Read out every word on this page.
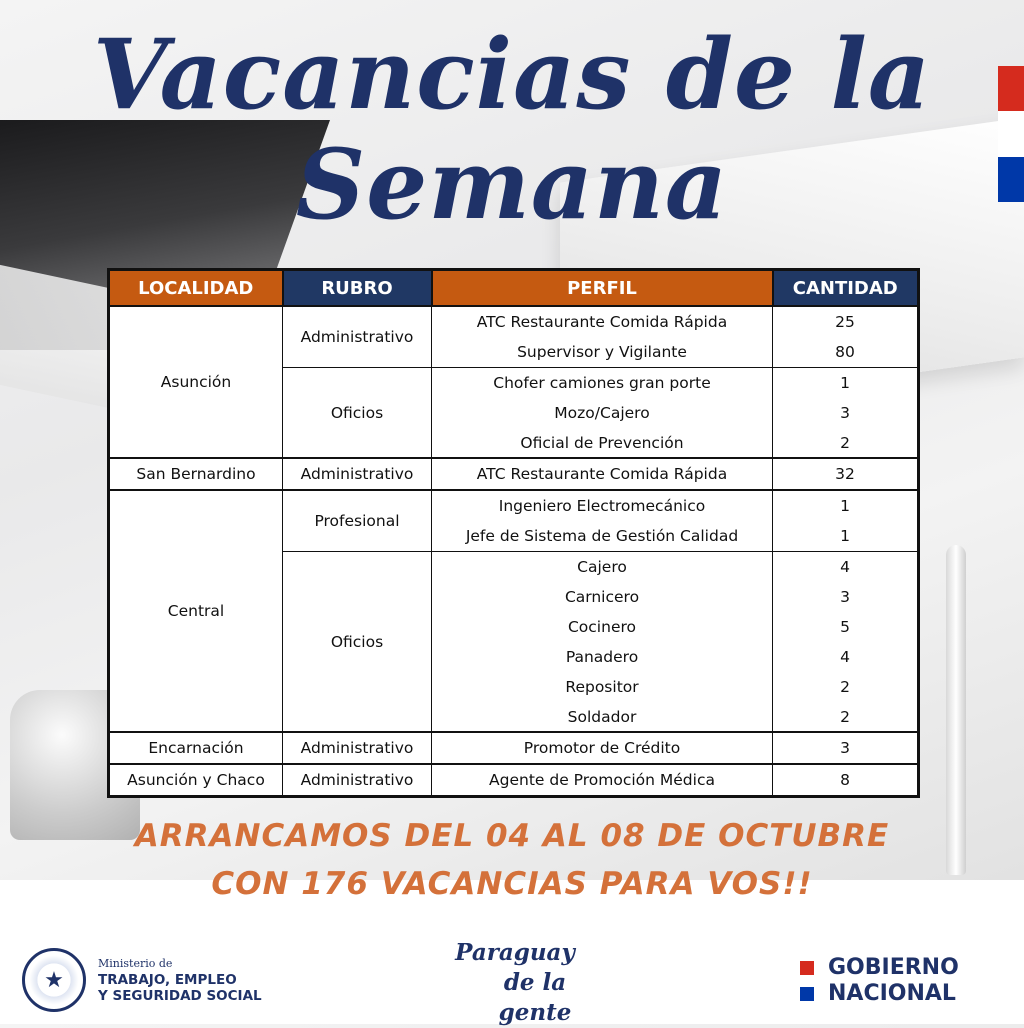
Vacancias de la
Semana
LOCALIDAD	RUBRO	PERFIL	CANTIDAD
Asunción	Administrativo	ATC Restaurante Comida Rápida	25
		Supervisor y Vigilante	80
	Oficios	Chofer camiones gran porte	1
		Mozo/Cajero	3
		Oficial de Prevención	2
San Bernardino	Administrativo	ATC Restaurante Comida Rápida	32
Central	Profesional	Ingeniero Electromecánico	1
		Jefe de Sistema de Gestión Calidad	1
	Oficios	Cajero	4
		Carnicero	3
		Cocinero	5
		Panadero	4
		Repositor	2
		Soldador	2
Encarnación	Administrativo	Promotor de Crédito	3
Asunción y Chaco	Administrativo	Agente de Promoción Médica	8

ARRANCAMOS DEL 04 AL 08 DE OCTUBRE

CON 176 VACANCIAS PARA VOS!!

★
Ministerio de
TRABAJO, EMPLEO
Y SEGURIDAD SOCIAL
Paraguay
de la gente
GOBIERNO
NACIONAL
